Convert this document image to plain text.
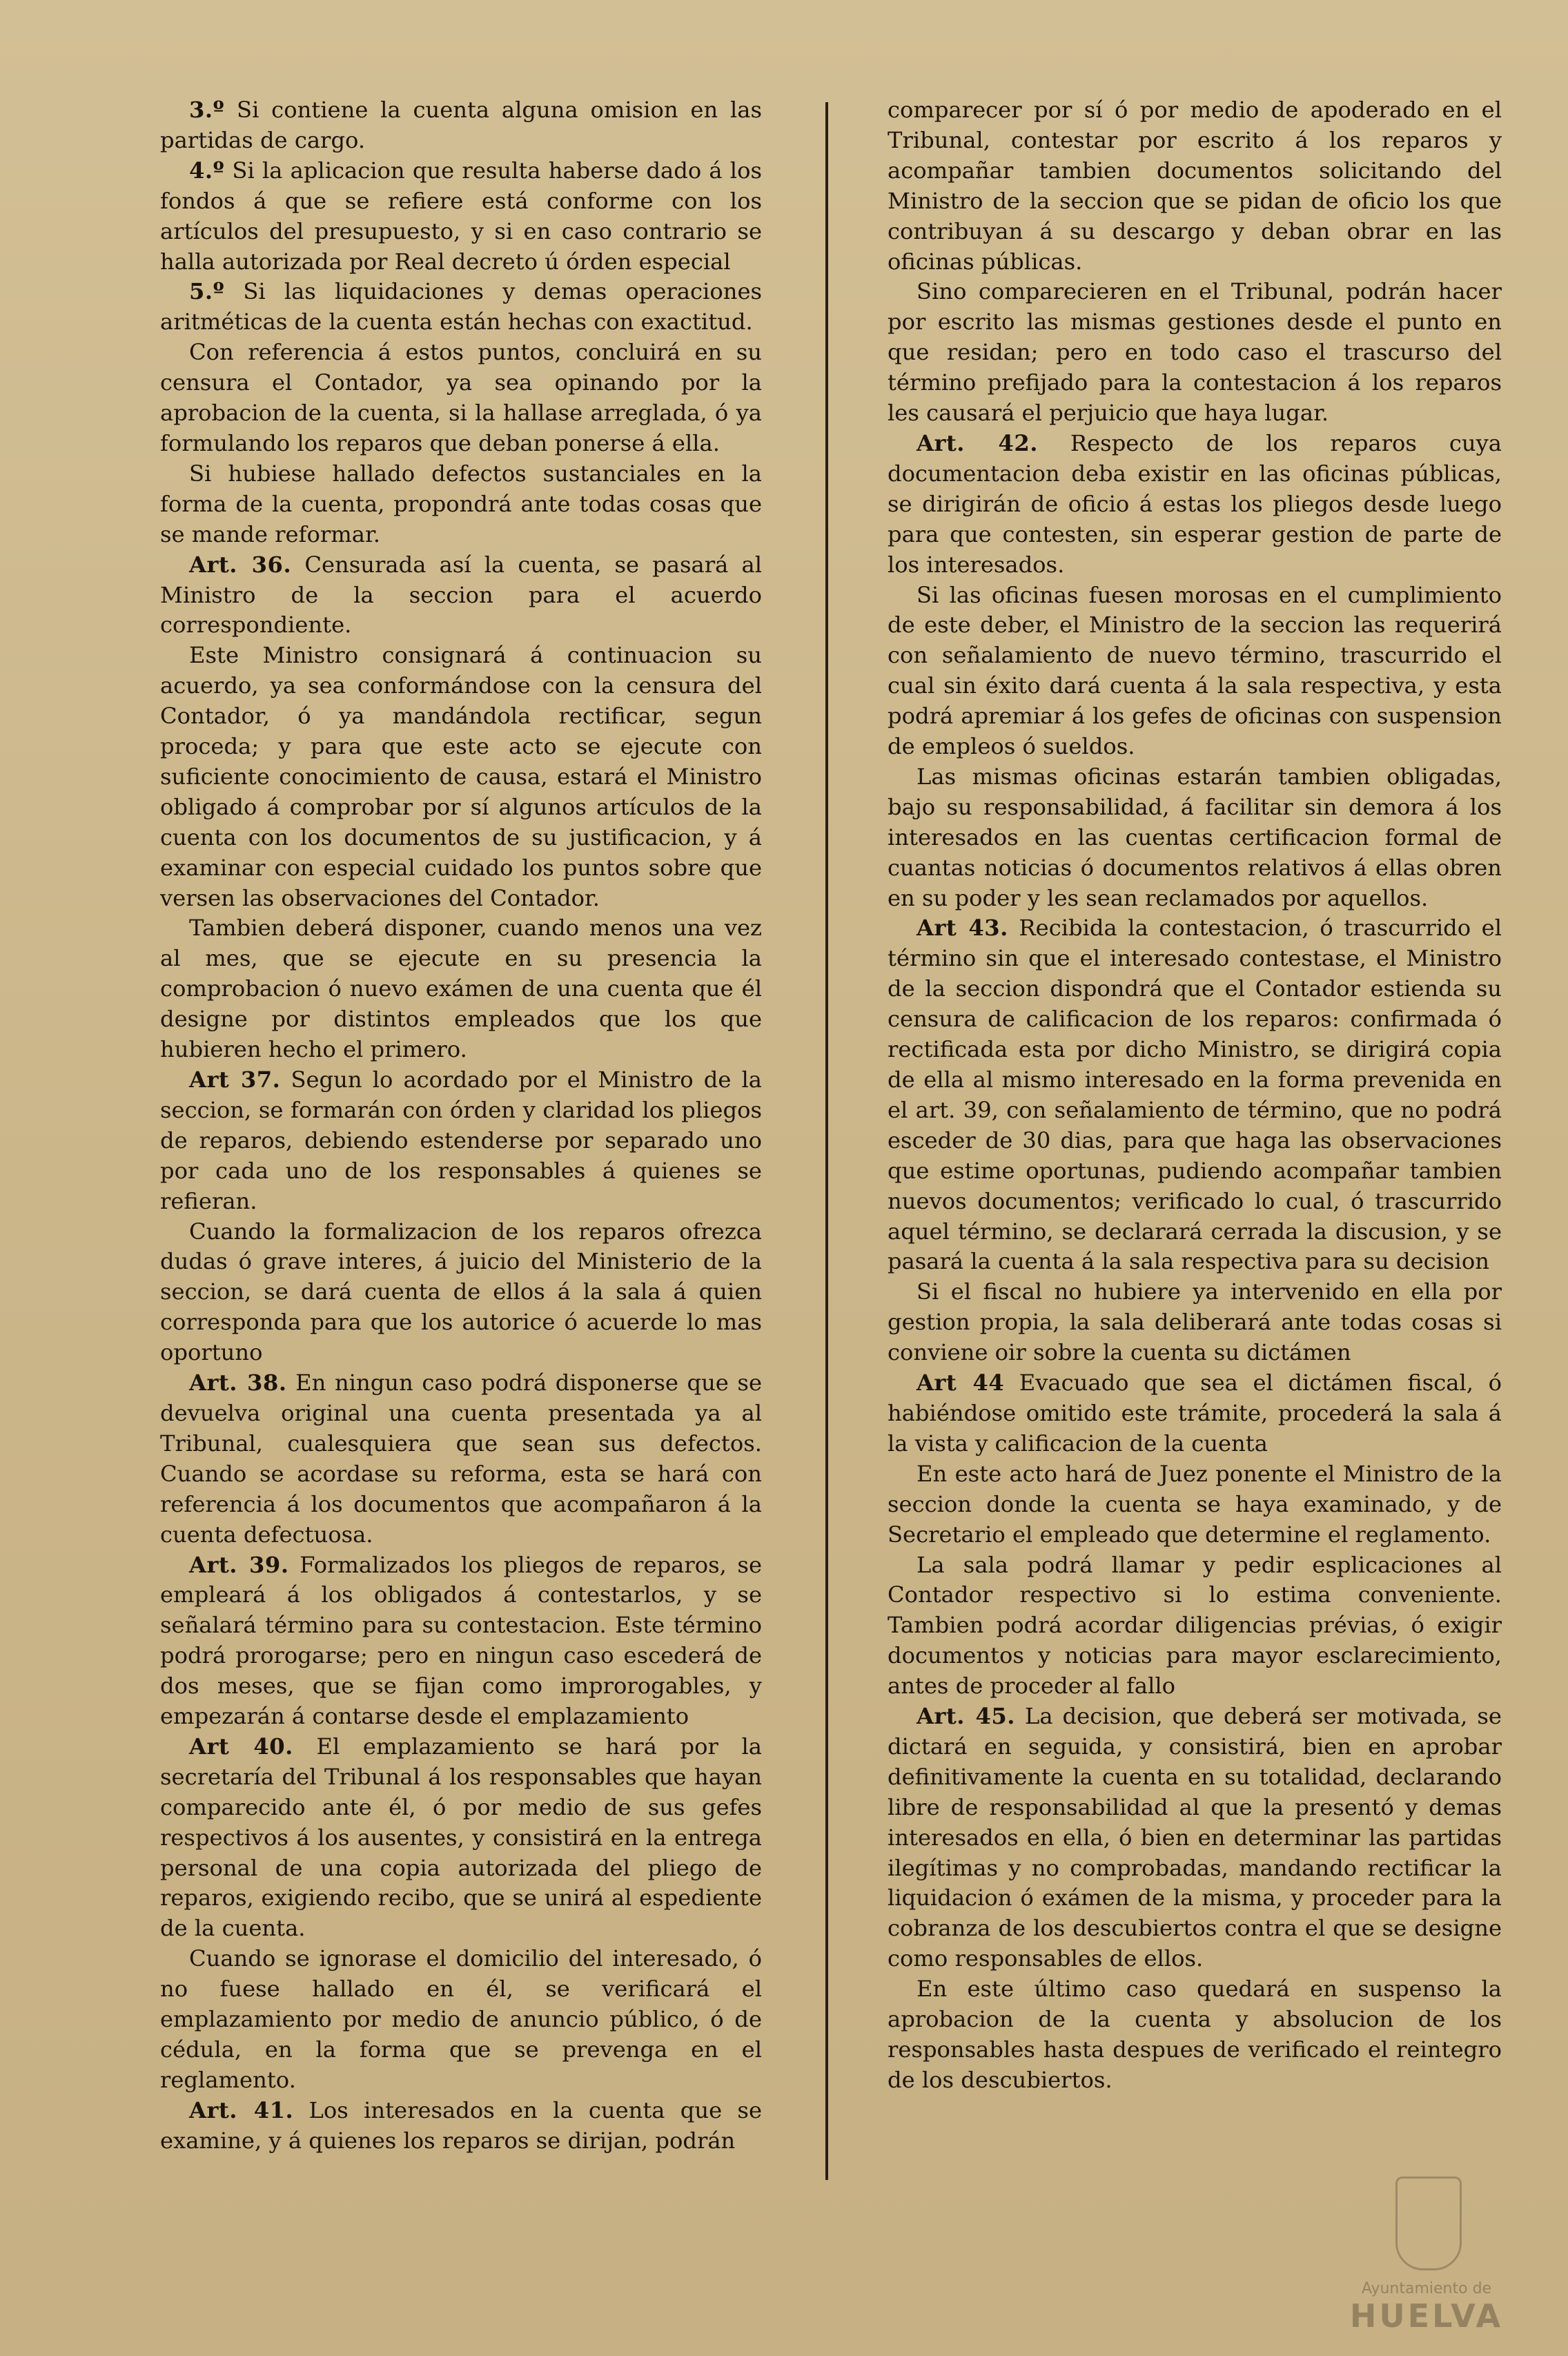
3.º Si contiene la cuenta alguna omision en las partidas de cargo.

4.º Si la aplicacion que resulta haberse dado á los fondos á que se refiere está conforme con los artículos del presupuesto, y si en caso contrario se halla autorizada por Real decreto ú órden especial

5.º Si las liquidaciones y demas operaciones aritméticas de la cuenta están hechas con exactitud.

Con referencia á estos puntos, concluirá en su censura el Contador, ya sea opinando por la aprobacion de la cuenta, si la hallase arreglada, ó ya formulando los reparos que deban ponerse á ella.

Si hubiese hallado defectos sustanciales en la forma de la cuenta, propondrá ante todas cosas que se mande reformar.

Art. 36. Censurada así la cuenta, se pasará al Ministro de la seccion para el acuerdo correspondiente.

Este Ministro consignará á continuacion su acuerdo, ya sea conformándose con la censura del Contador, ó ya mandándola rectificar, segun proceda; y para que este acto se ejecute con suficiente conocimiento de causa, estará el Ministro obligado á comprobar por sí algunos artículos de la cuenta con los documentos de su justificacion, y á examinar con especial cuidado los puntos sobre que versen las observaciones del Contador.

Tambien deberá disponer, cuando menos una vez al mes, que se ejecute en su presencia la comprobacion ó nuevo exámen de una cuenta que él designe por distintos empleados que los que hubieren hecho el primero.

Art 37. Segun lo acordado por el Ministro de la seccion, se formarán con órden y claridad los pliegos de reparos, debiendo estenderse por separado uno por cada uno de los responsables á quienes se refieran.

Cuando la formalizacion de los reparos ofrezca dudas ó grave interes, á juicio del Ministerio de la seccion, se dará cuenta de ellos á la sala á quien corresponda para que los autorice ó acuerde lo mas oportuno

Art. 38. En ningun caso podrá disponerse que se devuelva original una cuenta presentada ya al Tribunal, cualesquiera que sean sus defectos. Cuando se acordase su reforma, esta se hará con referencia á los documentos que acompañaron á la cuenta defectuosa.

Art. 39. Formalizados los pliegos de reparos, se empleará á los obligados á contestarlos, y se señalará término para su contestacion. Este término podrá prorogarse; pero en ningun caso escederá de dos meses, que se fijan como improrogables, y empezarán á contarse desde el emplazamiento

Art 40. El emplazamiento se hará por la secretaría del Tribunal á los responsables que hayan comparecido ante él, ó por medio de sus gefes respectivos á los ausentes, y consistirá en la entrega personal de una copia autorizada del pliego de reparos, exigiendo recibo, que se unirá al espediente de la cuenta.

Cuando se ignorase el domicilio del interesado, ó no fuese hallado en él, se verificará el emplazamiento por medio de anuncio público, ó de cédula, en la forma que se prevenga en el reglamento.

Art. 41. Los interesados en la cuenta que se examine, y á quienes los reparos se dirijan, podrán

comparecer por sí ó por medio de apoderado en el Tribunal, contestar por escrito á los reparos y acompañar tambien documentos solicitando del Ministro de la seccion que se pidan de oficio los que contribuyan á su descargo y deban obrar en las oficinas públicas.

Sino comparecieren en el Tribunal, podrán hacer por escrito las mismas gestiones desde el punto en que residan; pero en todo caso el trascurso del término prefijado para la contestacion á los reparos les causará el perjuicio que haya lugar.

Art. 42. Respecto de los reparos cuya documentacion deba existir en las oficinas públicas, se dirigirán de oficio á estas los pliegos desde luego para que contesten, sin esperar gestion de parte de los interesados.

Si las oficinas fuesen morosas en el cumplimiento de este deber, el Ministro de la seccion las requerirá con señalamiento de nuevo término, trascurrido el cual sin éxito dará cuenta á la sala respectiva, y esta podrá apremiar á los gefes de oficinas con suspension de empleos ó sueldos.

Las mismas oficinas estarán tambien obligadas, bajo su responsabilidad, á facilitar sin demora á los interesados en las cuentas certificacion formal de cuantas noticias ó documentos relativos á ellas obren en su poder y les sean reclamados por aquellos.

Art 43. Recibida la contestacion, ó trascurrido el término sin que el interesado contestase, el Ministro de la seccion dispondrá que el Contador estienda su censura de calificacion de los reparos: confirmada ó rectificada esta por dicho Ministro, se dirigirá copia de ella al mismo interesado en la forma prevenida en el art. 39, con señalamiento de término, que no podrá esceder de 30 dias, para que haga las observaciones que estime oportunas, pudiendo acompañar tambien nuevos documentos; verificado lo cual, ó trascurrido aquel término, se declarará cerrada la discusion, y se pasará la cuenta á la sala respectiva para su decision

Si el fiscal no hubiere ya intervenido en ella por gestion propia, la sala deliberará ante todas cosas si conviene oir sobre la cuenta su dictámen

Art 44 Evacuado que sea el dictámen fiscal, ó habiéndose omitido este trámite, procederá la sala á la vista y calificacion de la cuenta

En este acto hará de Juez ponente el Ministro de la seccion donde la cuenta se haya examinado, y de Secretario el empleado que determine el reglamento.

La sala podrá llamar y pedir esplicaciones al Contador respectivo si lo estima conveniente. Tambien podrá acordar diligencias prévias, ó exigir documentos y noticias para mayor esclarecimiento, antes de proceder al fallo

Art. 45. La decision, que deberá ser motivada, se dictará en seguida, y consistirá, bien en aprobar definitivamente la cuenta en su totalidad, declarando libre de responsabilidad al que la presentó y demas interesados en ella, ó bien en determinar las partidas ilegítimas y no comprobadas, mandando rectificar la liquidacion ó exámen de la misma, y proceder para la cobranza de los descubiertos contra el que se designe como responsables de ellos.

En este último caso quedará en suspenso la aprobacion de la cuenta y absolucion de los responsables hasta despues de verificado el reintegro de los descubiertos.

Ayuntamiento de
HUELVA
